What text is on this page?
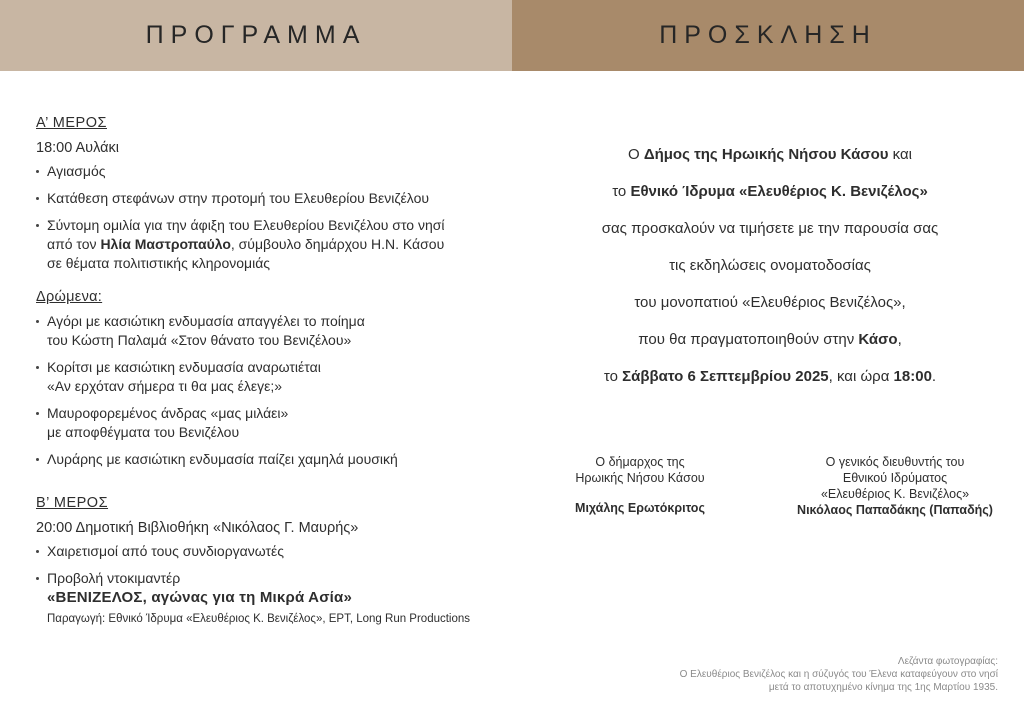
ΠΡΟΓΡΑΜΜΑ	ΠΡΟΣΚΛΗΣΗ
Α’ ΜΕΡΟΣ
18:00 Αυλάκι
Αγιασμός
Κατάθεση στεφάνων στην προτομή του Ελευθερίου Βενιζέλου
Σύντομη ομιλία για την άφιξη του Ελευθερίου Βενιζέλου στο νησί
από τον Ηλία Μαστροπαύλο, σύμβουλο δημάρχου Η.Ν. Κάσου
σε θέματα πολιτιστικής κληρονομιάς
Δρώμενα:
Αγόρι με κασιώτικη ενδυμασία απαγγέλει το ποίημα
του Κώστη Παλαμά «Στον θάνατο του Βενιζέλου»
Κορίτσι με κασιώτικη ενδυμασία αναρωτιέται
«Αν ερχόταν σήμερα τι θα μας έλεγε;»
Μαυροφορεμένος άνδρας «μας μιλάει»
με αποφθέγματα του Βενιζέλου
Λυράρης με κασιώτικη ενδυμασία παίζει χαμηλά μουσική
Β’ ΜΕΡΟΣ
20:00 Δημοτική Βιβλιοθήκη «Νικόλαος Γ. Μαυρής»
Χαιρετισμοί από τους συνδιοργανωτές
Προβολή ντοκιμαντέρ
«ΒΕΝΙΖΕΛΟΣ, αγώνας για τη Μικρά Ασία»
Παραγωγή: Εθνικό Ίδρυμα «Ελευθέριος Κ. Βενιζέλος», ΕΡΤ, Long Run Productions
Ο Δήμος της Ηρωικής Νήσου Κάσου και
το Εθνικό Ίδρυμα «Ελευθέριος Κ. Βενιζέλος»
σας προσκαλούν να τιμήσετε με την παρουσία σας
τις εκδηλώσεις ονοματοδοσίας
του μονοπατιού «Ελευθέριος Βενιζέλος»,
που θα πραγματοποιηθούν στην Κάσο,
το Σάββατο 6 Σεπτεμβρίου 2025, και ώρα 18:00.
Ο δήμαρχος της
Ηρωικής Νήσου Κάσου
Μιχάλης Ερωτόκριτος
Ο γενικός διευθυντής του
Εθνικού Ιδρύματος
«Ελευθέριος Κ. Βενιζέλος»
Νικόλαος Παπαδάκης (Παπαδής)
Λεζάντα φωτογραφίας:
Ο Ελευθέριος Βενιζέλος και η σύζυγός του Έλενα καταφεύγουν στο νησί
μετά το αποτυχημένο κίνημα της 1ης Μαρτίου 1935.
